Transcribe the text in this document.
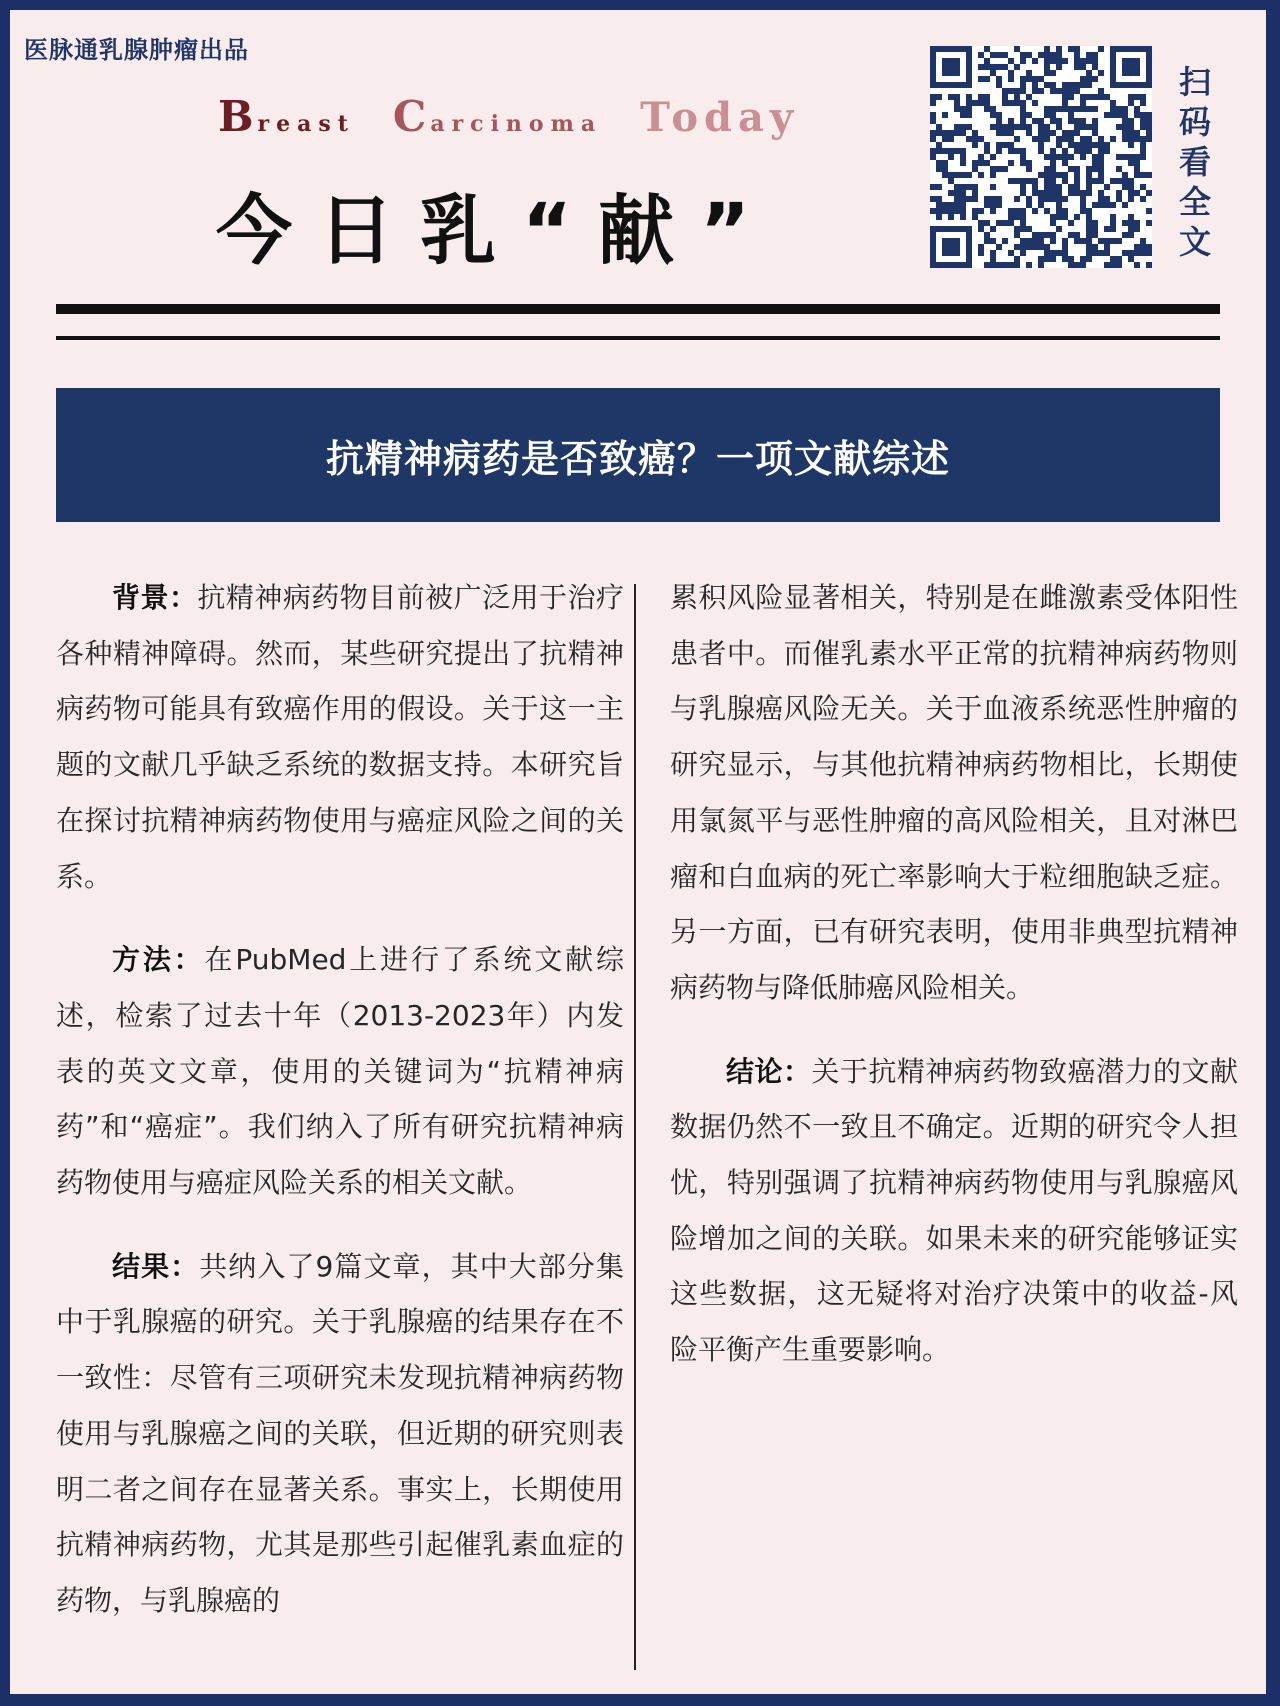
医脉通乳腺肿瘤出品
Breast Carcinoma Today
今日乳“献”
扫码看全文
抗精神病药是否致癌？一项文献综述

背景：抗精神病药物目前被广泛用于治疗各种精神障碍。然而，某些研究提出了抗精神病药物可能具有致癌作用的假设。关于这一主题的文献几乎缺乏系统的数据支持。本研究旨在探讨抗精神病药物使用与癌症风险之间的关系。

方法：在PubMed上进行了系统文献综述，检索了过去十年（2013-2023年）内发表的英文文章，使用的关键词为“抗精神病药”和“癌症”。我们纳入了所有研究抗精神病药物使用与癌症风险关系的相关文献。

结果：共纳入了9篇文章，其中大部分集中于乳腺癌的研究。关于乳腺癌的结果存在不一致性：尽管有三项研究未发现抗精神病药物使用与乳腺癌之间的关联，但近期的研究则表明二者之间存在显著关系。事实上，长期使用抗精神病药物，尤其是那些引起催乳素血症的药物，与乳腺癌的

累积风险显著相关，特别是在雌激素受体阳性患者中。而催乳素水平正常的抗精神病药物则与乳腺癌风险无关。关于血液系统恶性肿瘤的研究显示，与其他抗精神病药物相比，长期使用氯氮平与恶性肿瘤的高风险相关，且对淋巴瘤和白血病的死亡率影响大于粒细胞缺乏症。另一方面，已有研究表明，使用非典型抗精神病药物与降低肺癌风险相关。

结论：关于抗精神病药物致癌潜力的文献数据仍然不一致且不确定。近期的研究令人担忧，特别强调了抗精神病药物使用与乳腺癌风险增加之间的关联。如果未来的研究能够证实这些数据，这无疑将对治疗决策中的收益-风险平衡产生重要影响。
